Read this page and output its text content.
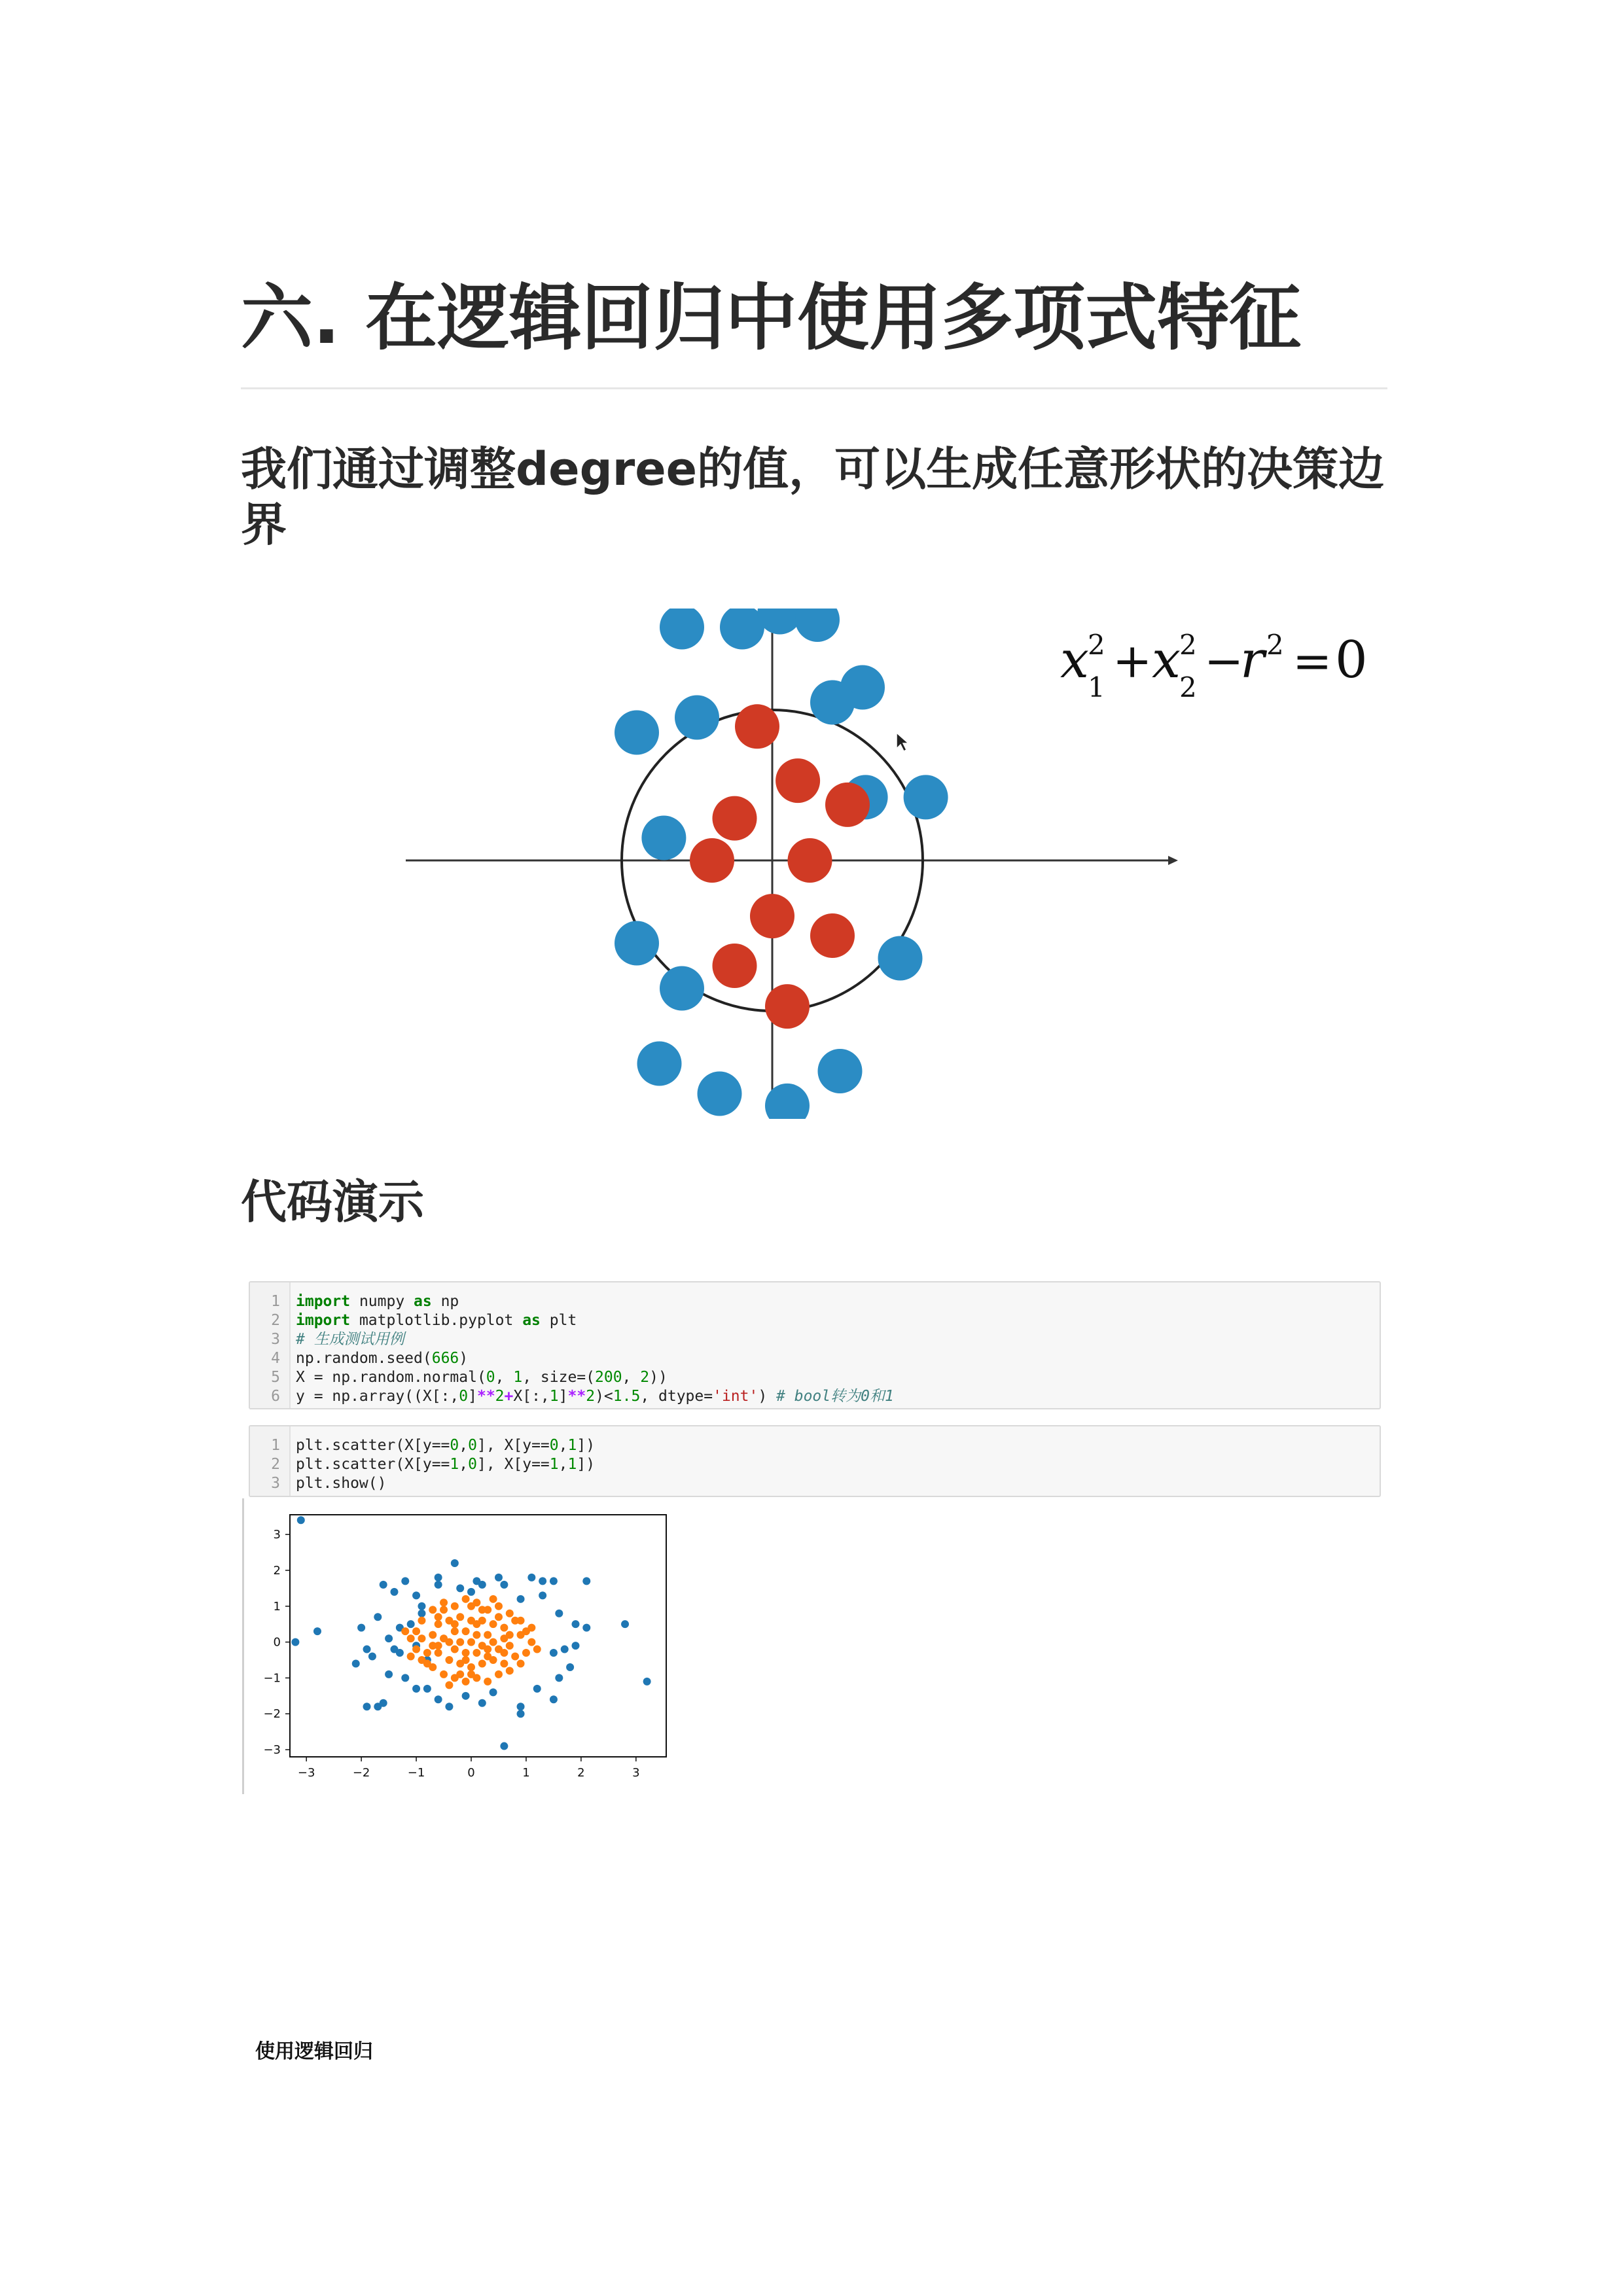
六. 在逻辑回归中使用多项式特征
我们通过调整degree的值，可以生成任意形状的决策边界
x
1
2 + x
2
2 −
r 2 = 0
代码演示
1 import numpy as np
2 import matplotlib.pyplot as plt
3 # 生成测试用例
4 np.random.seed(666)
5 X = np.random.normal(0, 1, size=(200, 2))
6 y = np.array((X[:,0]**2+X[:,1]**2)<1.5, dtype='int') # bool转为0和1
1 plt.scatter(X[y==0,0], X[y==0,1])
2 plt.scatter(X[y==1,0], X[y==1,1])
3 plt.show()
−3	−2	−1	0	1	2	3
3
2
1
0
−1
−2
−3
使用逻辑回归
